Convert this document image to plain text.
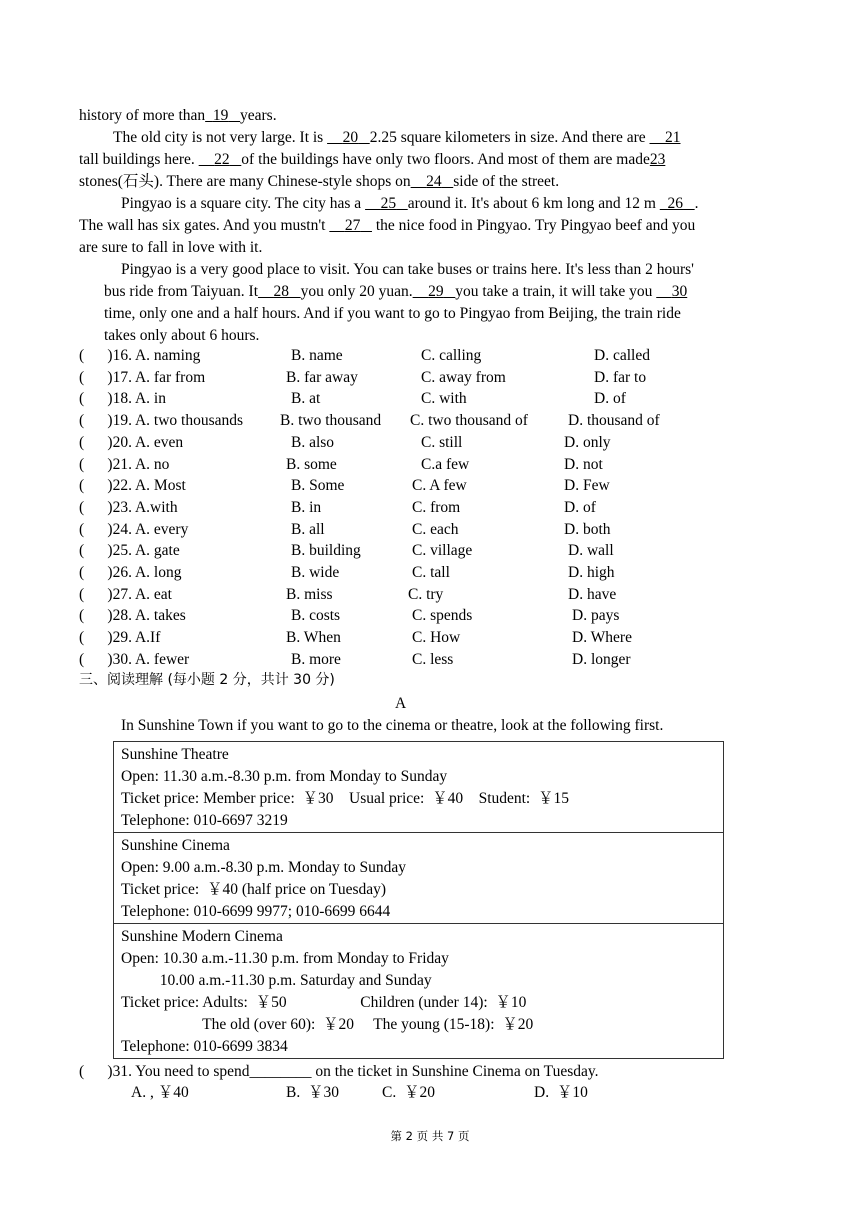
history of more than 19 years.
The old city is not very large. It is     20 2.25 square kilometers in size. And there are     21
tall buildings here.     22 of the buildings have only two floors. And most of them are made23
stones(石头). There are many Chinese-style shops on 24 side of the street.
Pingyao is a square city. The city has a     25 around it. It's about 6 km long and 12 m   26 .
The wall has six gates. And you mustn't     27    the nice food in Pingyao. Try Pingyao beef and you
are sure to fall in love with it.
Pingyao is a very good place to visit. You can take buses or trains here. It's less than 2 hours'
bus ride from Taiyuan. It 28 you only 20 yuan. 29 you take a train, it will take you     30
time, only one and a half hours. And if you want to go to Pingyao from Beijing, the train ride
takes only about 6 hours.
(      )16. A. naming	B. name	C. calling	D. called
(      )17. A. far from	B. far away	C. away from	D. far to
(      )18. A. in	B. at	C. with	D. of
(      )19. A. two thousands B. two thousand C. two thousand of	D. thousand of
(      )20. A. even	B. also	C. still	D. only
(      )21. A. no	B. some	C.a few	D. not
(      )22. A. Most	B. Some	C. A few	D. Few
(      )23. A.with	B. in	C. from	D. of
(      )24. A. every	B. all	C. each	D. both
(      )25. A. gate	B. building	C. village	D. wall
(      )26. A. long	B. wide	C. tall	D. high
(      )27. A. eat	B. miss	C. try	D. have
(      )28. A. takes	B. costs	C. spends	D. pays
(      )29. A.If	B. When	C. How	D. Where
(      )30. A. fewer	B. more	C. less	D. longer
三、阅读理解 (每小题 2 分，共计 30 分)
A
In Sunshine Town if you want to go to the cinema or theatre, look at the following first.
Sunshine Theatre
Open: 11.30 a.m.-8.30 p.m. from Monday to Sunday
Ticket price: Member price:  ￥30    Usual price:  ￥40    Student:  ￥15
Telephone: 010-6697 3219

Sunshine Cinema
Open: 9.00 a.m.-8.30 p.m. Monday to Sunday
Ticket price:  ￥40 (half price on Tuesday)
Telephone: 010-6699 9977; 010-6699 6644

Sunshine Modern Cinema
Open: 10.30 a.m.-11.30 p.m. from Monday to Friday
10.00 a.m.-11.30 p.m. Saturday and Sunday
Ticket price: Adults:  ￥50                   Children (under 14):  ￥10
The old (over 60):  ￥20     The young (15-18):  ￥20
Telephone: 010-6699 3834
(      )31. You need to spend________ on the ticket in Sunshine Cinema on Tuesday.
A. , ￥40	B.  ￥30	C.  ￥20	D.  ￥10
第 2 页 共 7 页
